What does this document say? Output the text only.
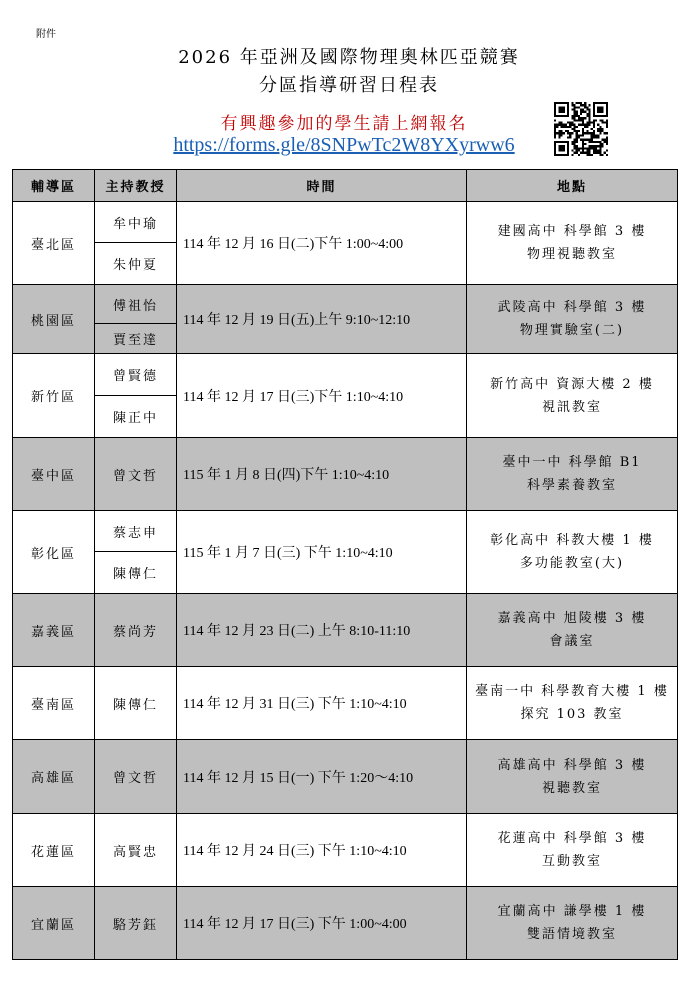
附件
2026 年亞洲及國際物理奧林匹亞競賽
分區指導研習日程表
有興趣參加的學生請上網報名
https://forms.gle/8SNPwTc2W8YXyrww6
輔導區	主持教授	時間	地點
臺北區	牟中瑜	114 年 12 月 16 日(二)下午 1:00~4:00	建國高中 科學館 3 樓
物理視聽教室

	朱仲夏		
桃園區	傅祖怡	114 年 12 月 19 日(五)上午 9:10~12:10	武陵高中 科學館 3 樓
物理實驗室(二)

	賈至達		
新竹區	曾賢德	114 年 12 月 17 日(三)下午 1:10~4:10	新竹高中 資源大樓 2 樓
視訊教室

	陳正中		
臺中區	曾文哲	115 年 1 月 8 日(四)下午 1:10~4:10	臺中一中 科學館 B1
科學素養教室

彰化區	蔡志申	115 年 1 月 7 日(三) 下午 1:10~4:10	彰化高中 科教大樓 1 樓
多功能教室(大)

	陳傳仁		
嘉義區	蔡尚芳	114 年 12 月 23 日(二) 上午 8:10-11:10	嘉義高中 旭陵樓 3 樓
會議室

臺南區	陳傳仁	114 年 12 月 31 日(三) 下午 1:10~4:10	臺南一中 科學教育大樓 1 樓
探究 103 教室

高雄區	曾文哲	114 年 12 月 15 日(一) 下午 1:20～4:10	高雄高中 科學館 3 樓
視聽教室

花蓮區	高賢忠	114 年 12 月 24 日(三) 下午 1:10~4:10	花蓮高中 科學館 3 樓
互動教室

宜蘭區	駱芳鈺	114 年 12 月 17 日(三) 下午 1:00~4:00	宜蘭高中 謙學樓 1 樓
雙語情境教室
